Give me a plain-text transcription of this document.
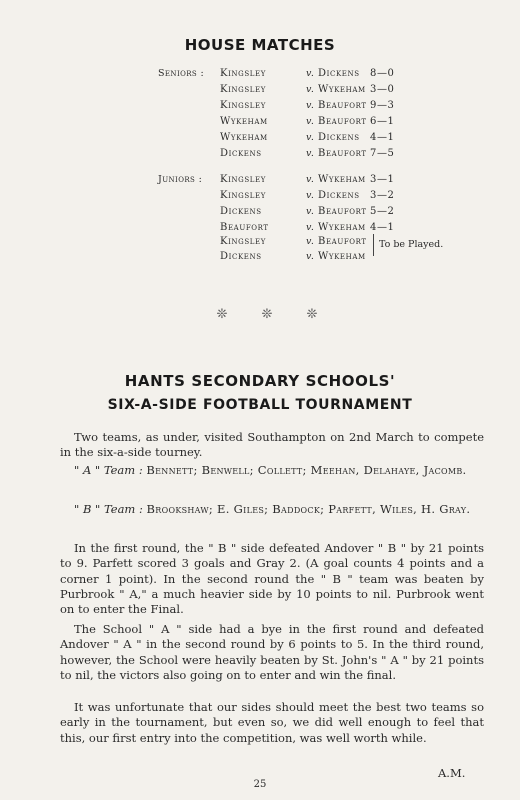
HOUSE MATCHES
Seniors : Kingsley	v. Dickens 8—0
Kingsley	v. Wykeham 3—0
Kingsley	v. Beaufort 9—3
Wykeham	v. Beaufort 6—1
Wykeham	v. Dickens 4—1
Dickens	v. Beaufort 7—5
Juniors : Kingsley	v. Wykeham 3—1
Kingsley	v. Dickens 3—2
Dickens	v. Beaufort 5—2
Beaufort	v. Wykeham 4—1
Kingsley	v. Beaufort
Dickens	v. Wykeham
To be Played.
❊	❊	❊
HANTS SECONDARY SCHOOLS'
SIX-A-SIDE FOOTBALL TOURNAMENT
Two teams, as under, visited Southampton on 2nd March to compete in the six-a-side tourney.
" A " Team : Bennett; Benwell; Collett; Meehan, Delahaye, Jacomb.
" B " Team : Brookshaw; E. Giles; Baddock; Parfett, Wiles, H. Gray.
In the first round, the " B " side defeated Andover " B " by 21 points to 9. Parfett scored 3 goals and Gray 2. (A goal counts 4 points and a corner 1 point). In the second round the " B " team was beaten by Purbrook " A," a much heavier side by 10 points to nil. Purbrook went on to enter the Final.
The School " A " side had a bye in the first round and defeated Andover " A " in the second round by 6 points to 5. In the third round, however, the School were heavily beaten by St. John's " A " by 21 points to nil, the victors also going on to enter and win the final.
It was unfortunate that our sides should meet the best two teams so early in the tournament, but even so, we did well enough to feel that this, our first entry into the competition, was well worth while.
A.M.
25
